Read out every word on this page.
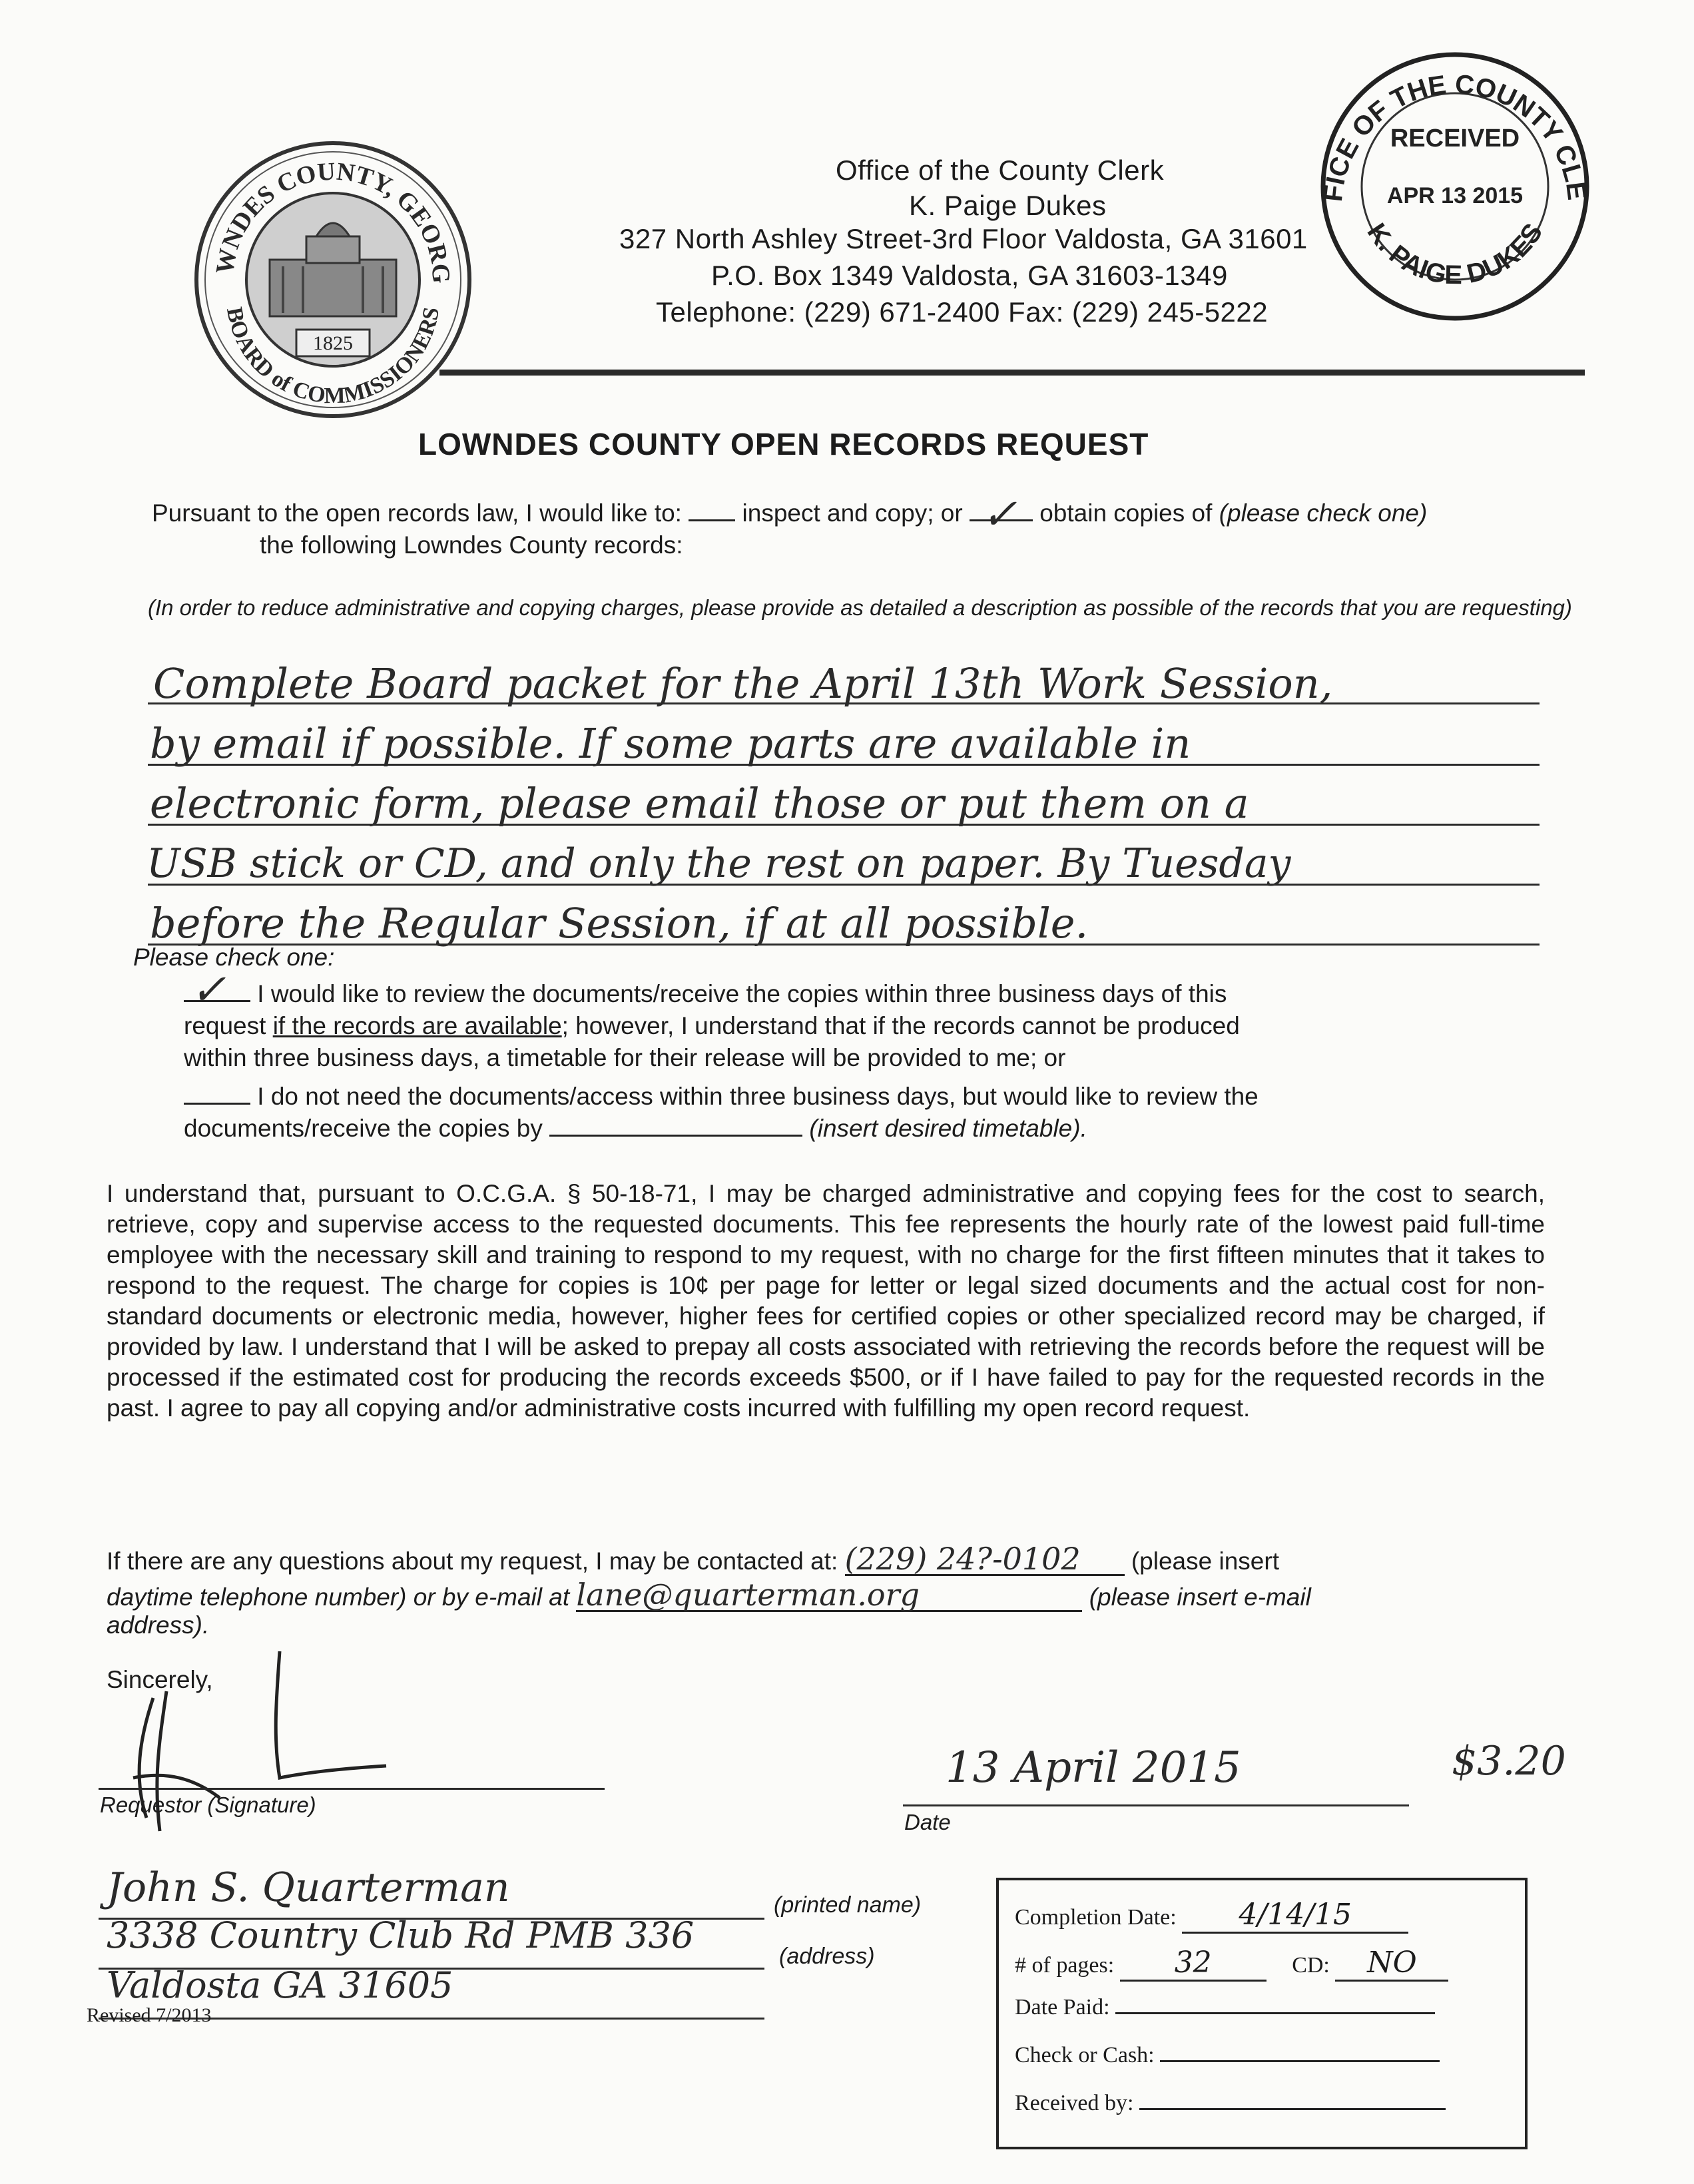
WNDES COUNTY, GEORG
BOARD of COMMISSIONERS
1825
Office of the County Clerk
K. Paige Dukes
327 North Ashley Street-3rd Floor Valdosta, GA 31601
P.O. Box 1349 Valdosta, GA 31603-1349
Telephone: (229) 671-2400 Fax: (229) 245-5222
FICE OF THE COUNTY CLE
K. PAIGE DUKES
RECEIVED
APR 13 2015
LOWNDES COUNTY OPEN RECORDS REQUEST
Pursuant to the open records law, I would like to: inspect and copy; or ✓ obtain copies of (please check one)
the following Lowndes County records:
(In order to reduce administrative and copying charges, please provide as detailed a description as possible of the records that you are requesting)
Complete Board packet for the April 13th Work Session,
by email if possible. If some parts are available in
electronic form, please email those or put them on a
USB stick or CD, and only the rest on paper. By Tuesday
before the Regular Session, if at all possible.
Please check one:
✓ I would like to review the documents/receive the copies within three business days of this
request if the records are available; however, I understand that if the records cannot be produced
within three business days, a timetable for their release will be provided to me; or
I do not need the documents/access within three business days, but would like to review the
documents/receive the copies by	(insert desired timetable).
I understand that, pursuant to O.C.G.A. § 50-18-71, I may be charged administrative and copying fees for the cost to search, retrieve, copy and supervise access to the requested documents. This fee represents the hourly rate of the lowest paid full-time employee with the necessary skill and training to respond to my request, with no charge for the first fifteen minutes that it takes to respond to the request. The charge for copies is 10¢ per page for letter or legal sized documents and the actual cost for non-standard documents or electronic media, however, higher fees for certified copies or other specialized record may be charged, if provided by law. I understand that I will be asked to prepay all costs associated with retrieving the records before the request will be processed if the estimated cost for producing the records exceeds $500, or if I have failed to pay for the requested records in the past. I agree to pay all copying and/or administrative costs incurred with fulfilling my open record request.
If there are any questions about my request, I may be contacted at: (229) 24?-0102 (please insert
daytime telephone number) or by e-mail at lane@quarterman.org	(please insert e-mail
address).
Sincerely,
Requestor (Signature)
13 April 2015
Date
$3.20
John S. Quarterman	(printed name)
3338 Country Club Rd PMB 336	(address)
Valdosta GA 31605
Revised 7/2013
Completion Date: 4/14/15
# of pages: 32	CD: NO
Date Paid:
Check or Cash:
Received by:
